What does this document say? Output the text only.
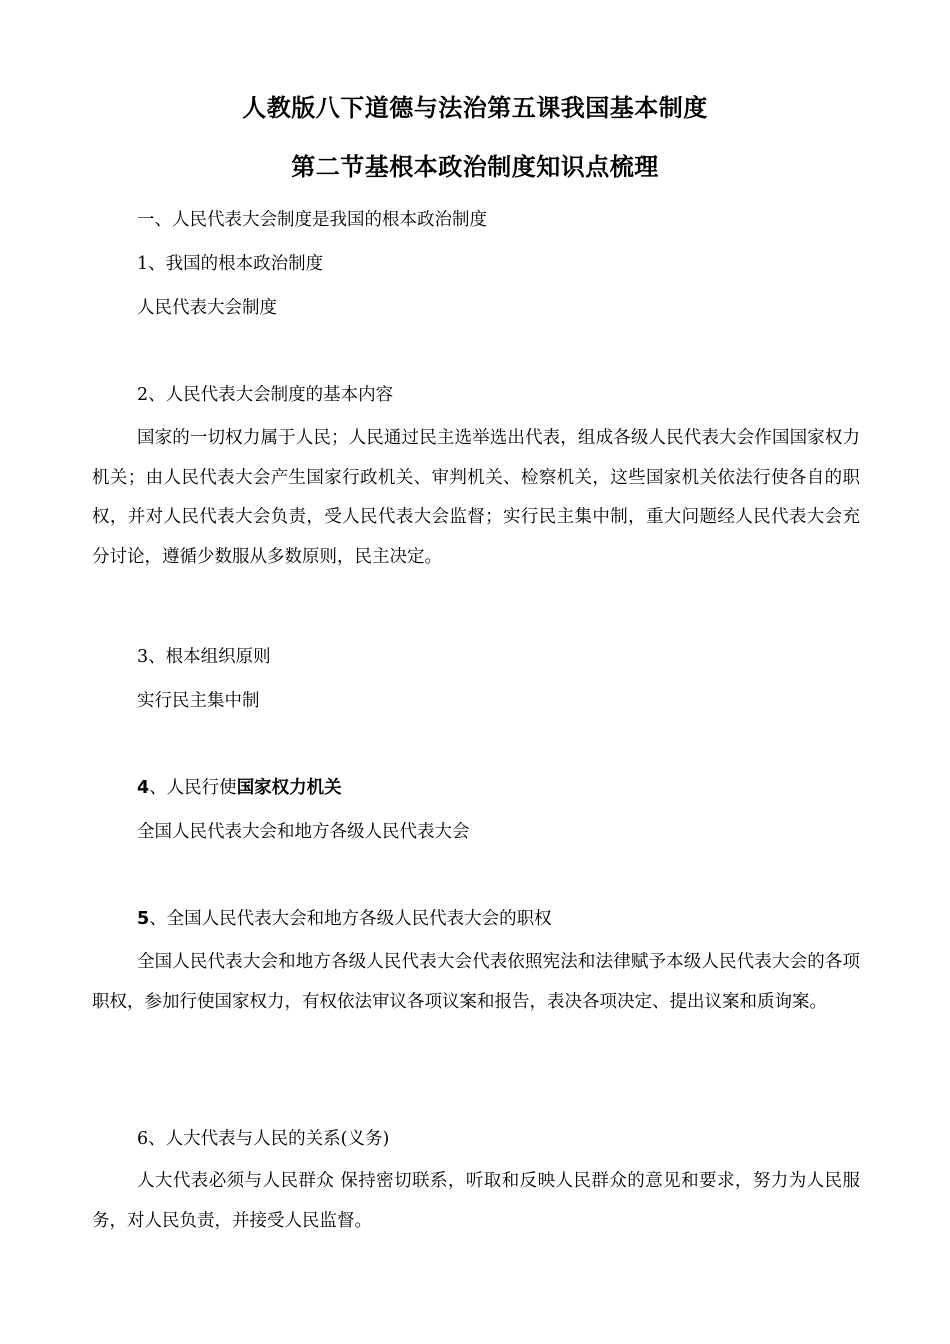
人教版八下道德与法治第五课我国基本制度
第二节基根本政治制度知识点梳理
一、人民代表大会制度是我国的根本政治制度
1、我国的根本政治制度
人民代表大会制度
2、人民代表大会制度的基本内容
国家的一切权力属于人民；人民通过民主选举选出代表，组成各级人民代表大会作国国家权力机关；由人民代表大会产生国家行政机关、审判机关、检察机关，这些国家机关依法行使各自的职权，并对人民代表大会负责，受人民代表大会监督；实行民主集中制，重大问题经人民代表大会充分讨论，遵循少数服从多数原则，民主决定。
3、根本组织原则
实行民主集中制
4、人民行使国家权力机关
全国人民代表大会和地方各级人民代表大会
5、全国人民代表大会和地方各级人民代表大会的职权
全国人民代表大会和地方各级人民代表大会代表依照宪法和法律赋予本级人民代表大会的各项职权，参加行使国家权力，有权依法审议各项议案和报告，表决各项决定、提出议案和质询案。
6、人大代表与人民的关系(义务)
人大代表必须与人民群众 保持密切联系，听取和反映人民群众的意见和要求，努力为人民服务，对人民负责，并接受人民监督。
